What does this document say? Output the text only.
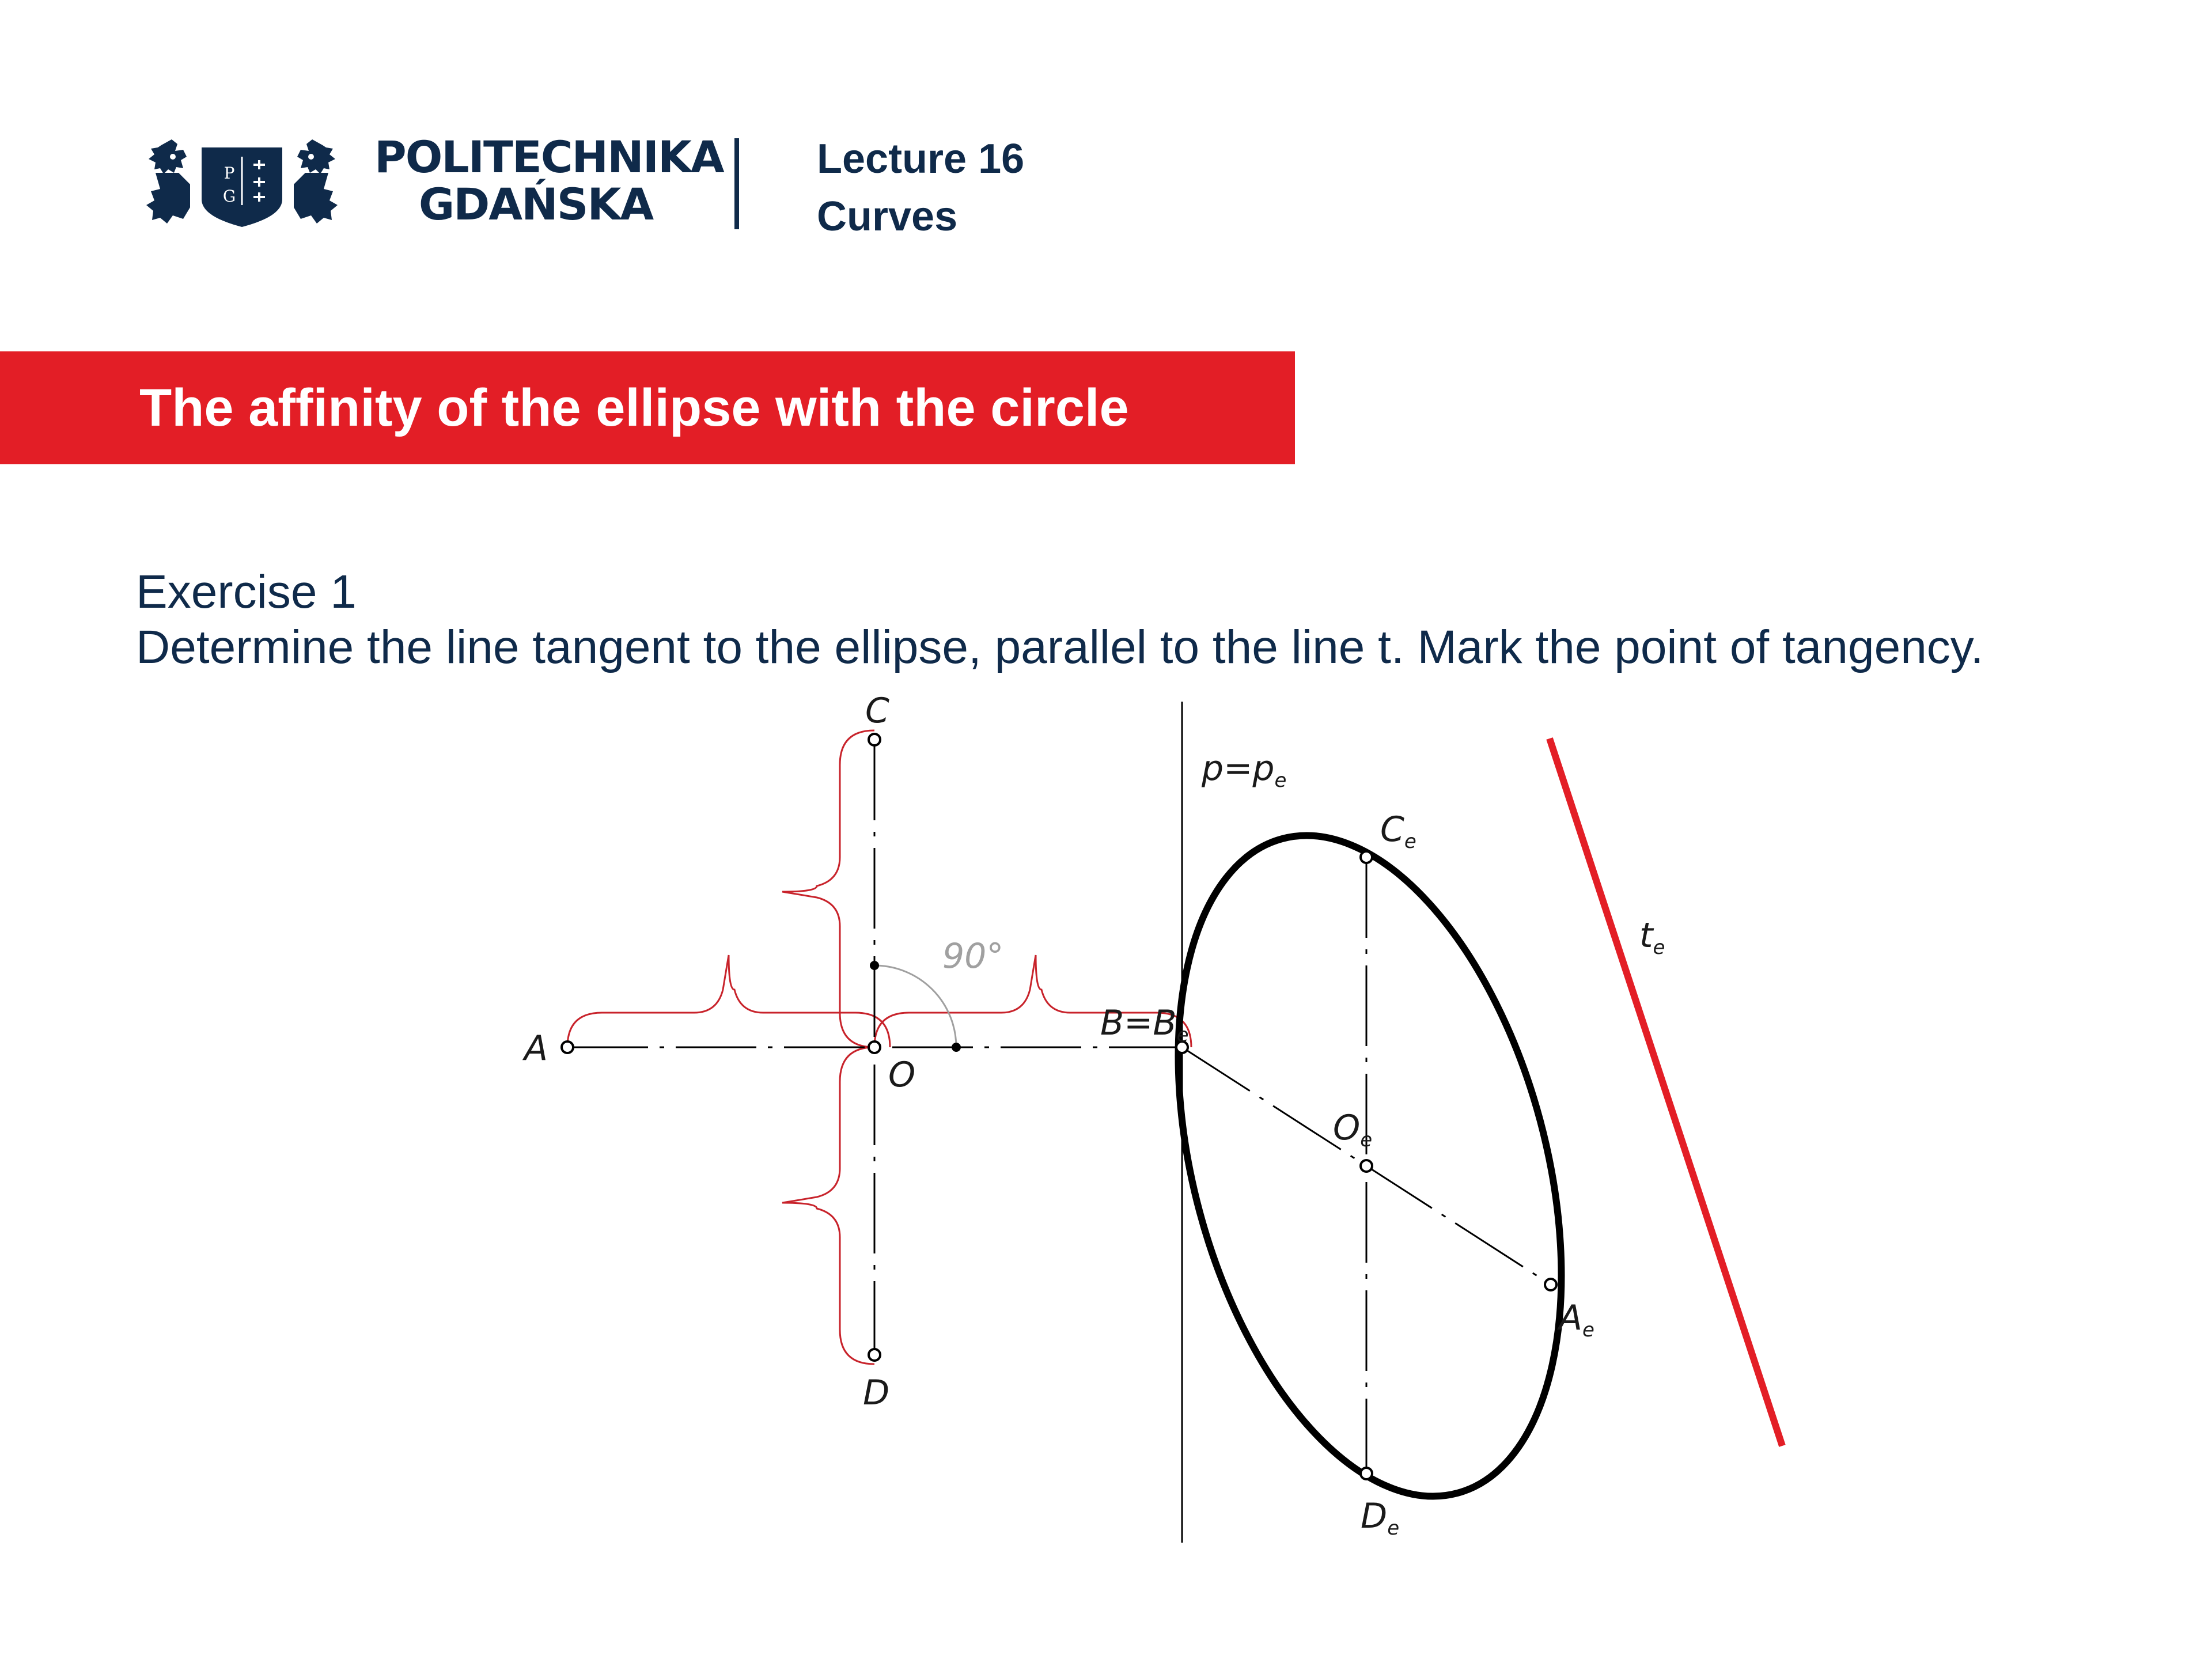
P
G
POLITECHNIKA
GDAŃSKA
Lecture 16
Curves
The affinity of the ellipse with the circle
Exercise 1
Determine the line tangent to the ellipse, parallel to the line t. Mark the point of tangency.
A
O
C
D
90°
$B=B_e$
$p=p_e$
$C_e$
$O_e$
$A_e$
$D_e$
$t_e$
